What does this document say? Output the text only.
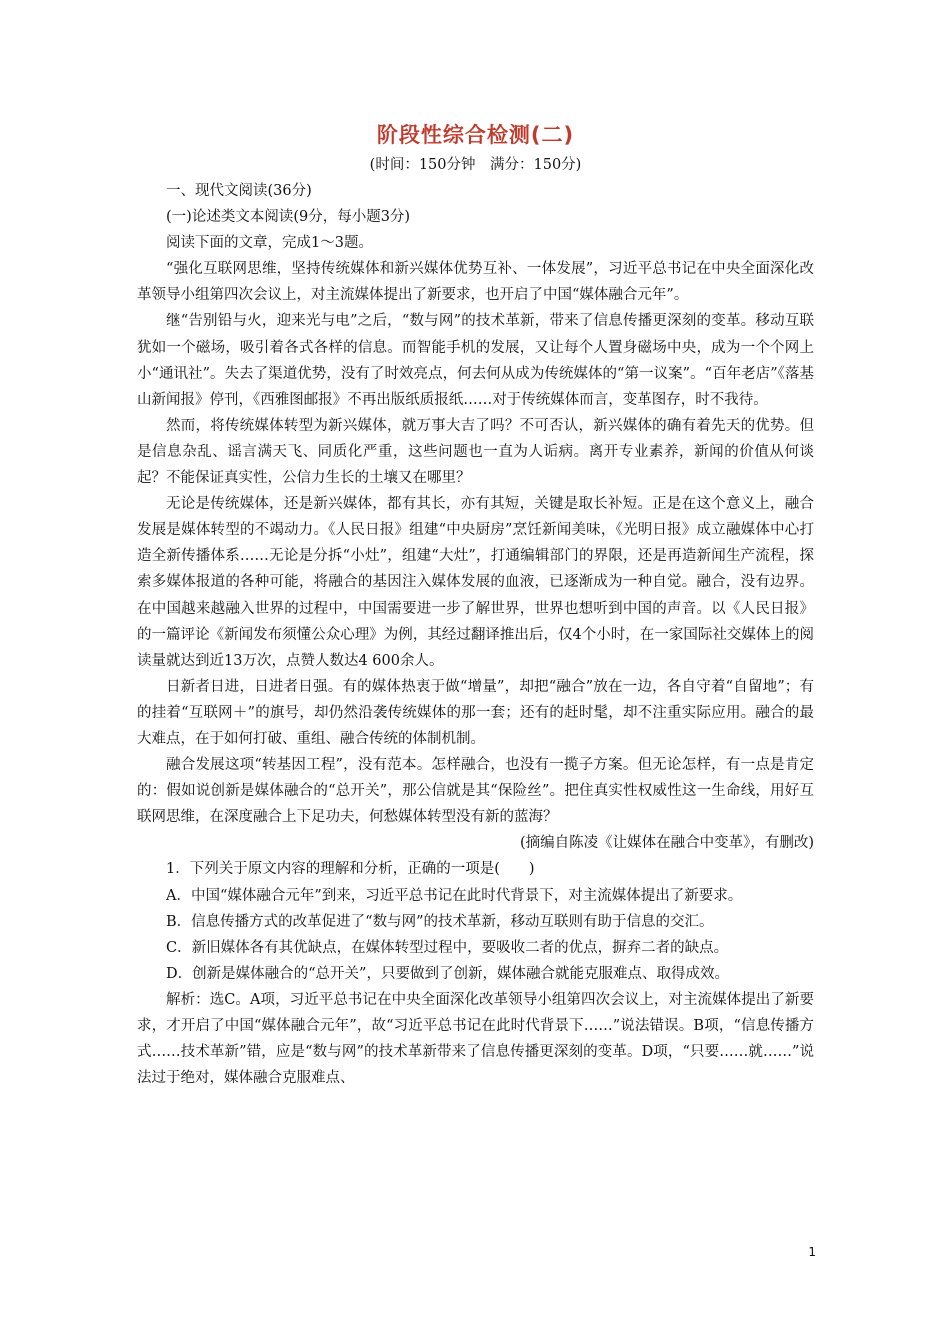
阶段性综合检测(二)
(时间：150分钟　满分：150分)

一、现代文阅读(36分)

(一)论述类文本阅读(9分，每小题3分)

阅读下面的文章，完成1～3题。

“强化互联网思维，坚持传统媒体和新兴媒体优势互补、一体发展”，习近平总书记在中央全面深化改革领导小组第四次会议上，对主流媒体提出了新要求，也开启了中国“媒体融合元年”。

继“告别铅与火，迎来光与电”之后，“数与网”的技术革新，带来了信息传播更深刻的变革。移动互联犹如一个磁场，吸引着各式各样的信息。而智能手机的发展，又让每个人置身磁场中央，成为一个个网上小“通讯社”。失去了渠道优势，没有了时效亮点，何去何从成为传统媒体的“第一议案”。“百年老店”《落基山新闻报》停刊，《西雅图邮报》不再出版纸质报纸……对于传统媒体而言，变革图存，时不我待。

然而，将传统媒体转型为新兴媒体，就万事大吉了吗？不可否认，新兴媒体的确有着先天的优势。但是信息杂乱、谣言满天飞、同质化严重，这些问题也一直为人诟病。离开专业素养，新闻的价值从何谈起？不能保证真实性，公信力生长的土壤又在哪里？

无论是传统媒体，还是新兴媒体，都有其长，亦有其短，关键是取长补短。正是在这个意义上，融合发展是媒体转型的不竭动力。《人民日报》组建“中央厨房”烹饪新闻美味，《光明日报》成立融媒体中心打造全新传播体系……无论是分拆“小灶”，组建“大灶”，打通编辑部门的界限，还是再造新闻生产流程，探索多媒体报道的各种可能，将融合的基因注入媒体发展的血液，已逐渐成为一种自觉。融合，没有边界。在中国越来越融入世界的过程中，中国需要进一步了解世界，世界也想听到中国的声音。以《人民日报》的一篇评论《新闻发布须懂公众心理》为例，其经过翻译推出后，仅4个小时，在一家国际社交媒体上的阅读量就达到近13万次，点赞人数达4 600余人。

日新者日进，日进者日强。有的媒体热衷于做“增量”，却把“融合”放在一边，各自守着“自留地”；有的挂着“互联网＋”的旗号，却仍然沿袭传统媒体的那一套；还有的赶时髦，却不注重实际应用。融合的最大难点，在于如何打破、重组、融合传统的体制机制。

融合发展这项“转基因工程”，没有范本。怎样融合，也没有一揽子方案。但无论怎样，有一点是肯定的：假如说创新是媒体融合的“总开关”，那公信就是其“保险丝”。把住真实性权威性这一生命线，用好互联网思维，在深度融合上下足功夫，何愁媒体转型没有新的蓝海？

(摘编自陈凌《让媒体在融合中变革》，有删改)

1．下列关于原文内容的理解和分析，正确的一项是(　　)

A．中国“媒体融合元年”到来，习近平总书记在此时代背景下，对主流媒体提出了新要求。

B．信息传播方式的改革促进了“数与网”的技术革新，移动互联则有助于信息的交汇。

C．新旧媒体各有其优缺点，在媒体转型过程中，要吸收二者的优点，摒弃二者的缺点。

D．创新是媒体融合的“总开关”，只要做到了创新，媒体融合就能克服难点、取得成效。

解析：选C。A项，习近平总书记在中央全面深化改革领导小组第四次会议上，对主流媒体提出了新要求，才开启了中国“媒体融合元年”，故“习近平总书记在此时代背景下……”说法错误。B项，“信息传播方式……技术革新”错，应是“数与网”的技术革新带来了信息传播更深刻的变革。D项，“只要……就……”说法过于绝对，媒体融合克服难点、

1
